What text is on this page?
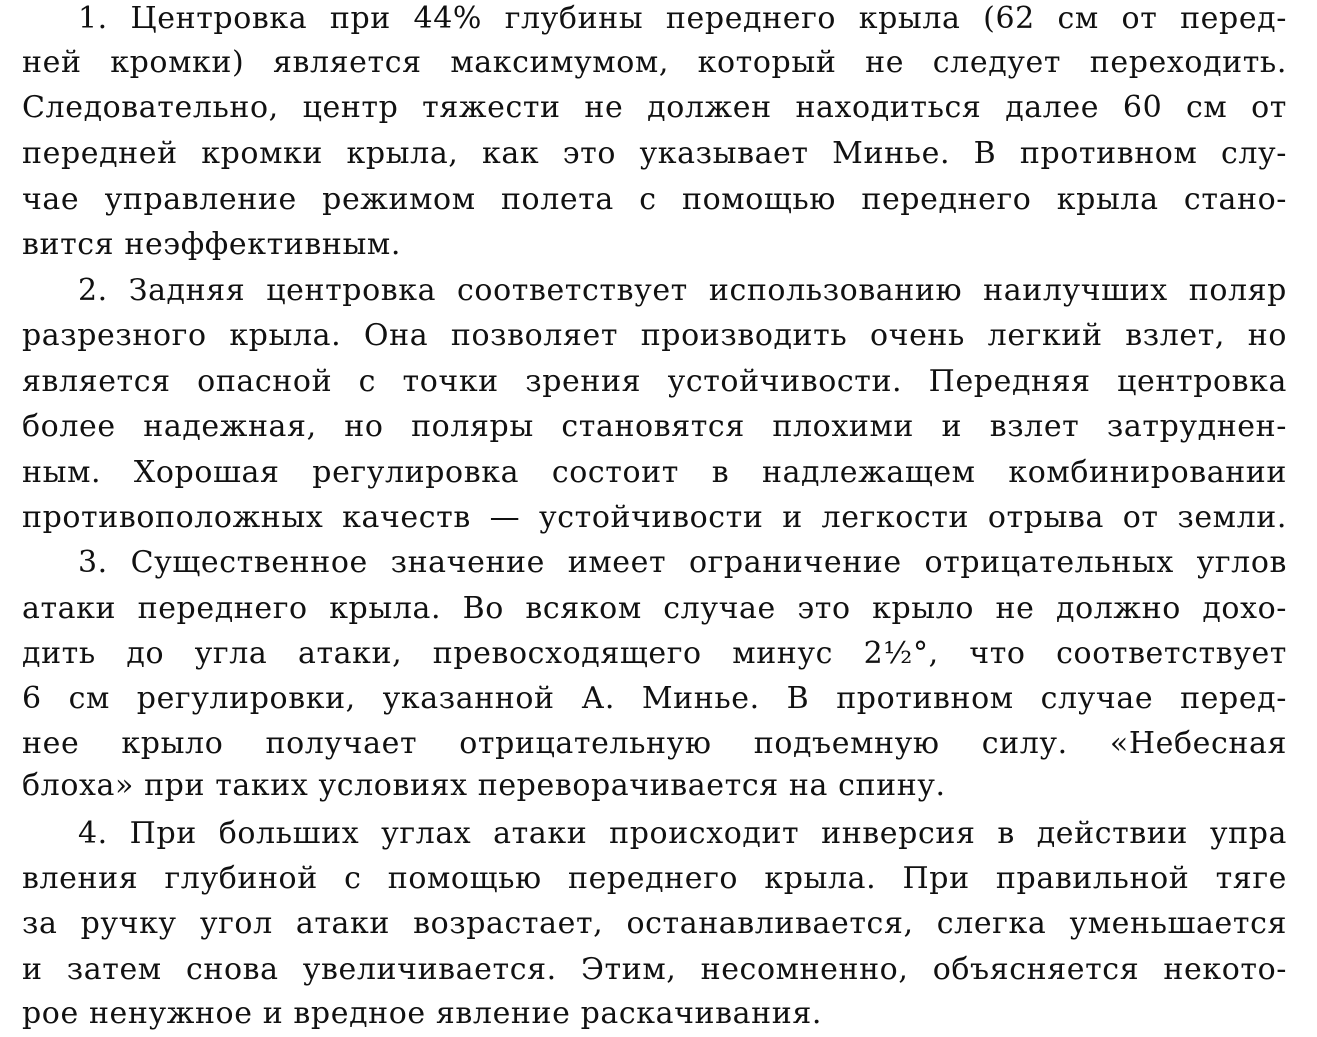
1. Центровка при 44% глубины переднего крыла (62 см от перед-
ней кромки) является максимумом, который не следует переходить.
Следовательно, центр тяжести не должен находиться далее 60 см от
передней кромки крыла, как это указывает Минье. В противном слу-
чае управление режимом полета с помощью переднего крыла стано-
вится неэффективным.
2. Задняя центровка соответствует использованию наилучших поляр
разрезного крыла. Она позволяет производить очень легкий взлет, но
является опасной с точки зрения устойчивости. Передняя центровка
более надежная, но поляры становятся плохими и взлет затруднен-
ным. Хорошая регулировка состоит в надлежащем комбинировании
противоположных качеств — устойчивости и легкости отрыва от земли.
3. Существенное значение имеет ограничение отрицательных углов
атаки переднего крыла. Во всяком случае это крыло не должно дохо-
дить до угла атаки, превосходящего минус 2½°, что соответствует
6 см регулировки, указанной А. Минье. В противном случае перед-
нее крыло получает отрицательную подъемную силу. «Небесная
блоха» при таких условиях переворачивается на спину.
4. При больших углах атаки происходит инверсия в действии упра
вления глубиной с помощью переднего крыла. При правильной тяге
за ручку угол атаки возрастает, останавливается, слегка уменьшается
и затем снова увеличивается. Этим, несомненно, объясняется некото-
рое ненужное и вредное явление раскачивания.
